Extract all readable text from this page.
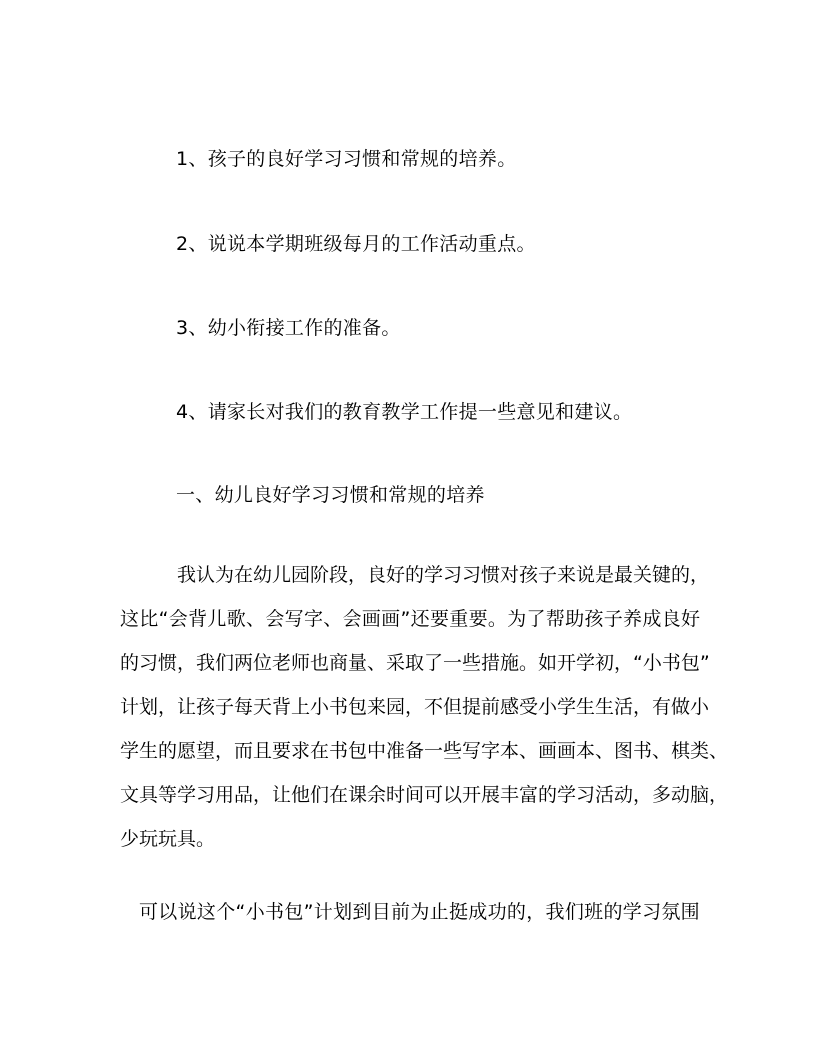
1、孩子的良好学习习惯和常规的培养。
2、说说本学期班级每月的工作活动重点。
3、幼小衔接工作的准备。
4、请家长对我们的教育教学工作提一些意见和建议。
一、幼儿良好学习习惯和常规的培养
我认为在幼儿园阶段，良好的学习习惯对孩子来说是最关键的，
这比“会背儿歌、会写字、会画画”还要重要。为了帮助孩子养成良好
的习惯，我们两位老师也商量、采取了一些措施。如开学初，“小书包”
计划，让孩子每天背上小书包来园，不但提前感受小学生生活，有做小
学生的愿望，而且要求在书包中准备一些写字本、画画本、图书、棋类、
文具等学习用品，让他们在课余时间可以开展丰富的学习活动，多动脑，
少玩玩具。
可以说这个“小书包”计划到目前为止挺成功的，我们班的学习氛围
